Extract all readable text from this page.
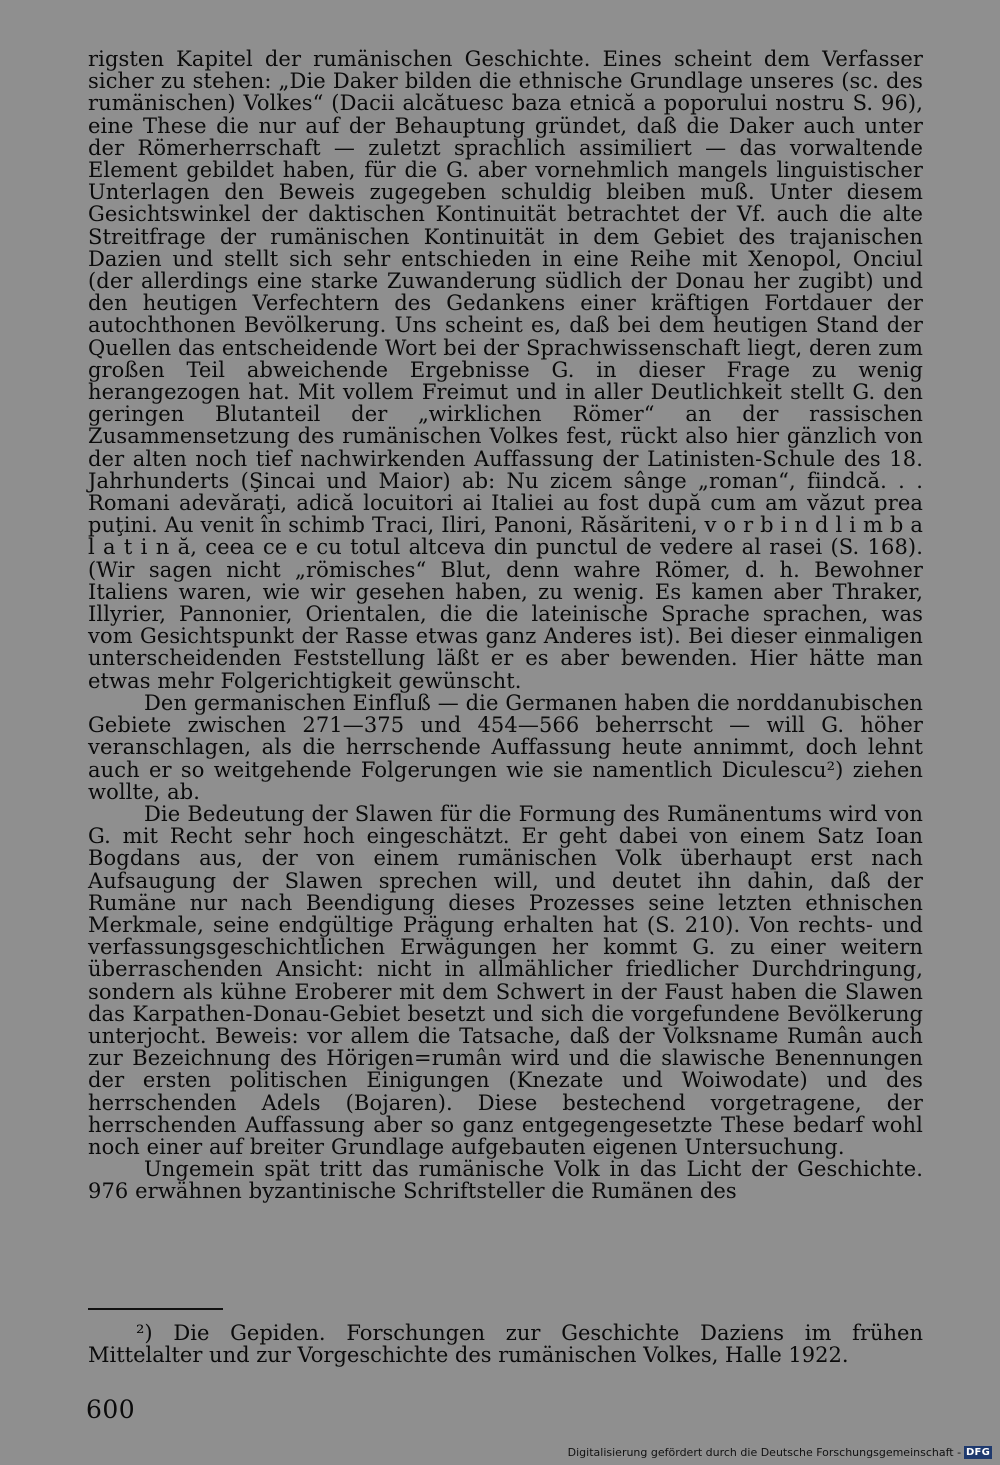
rigsten Kapitel der rumänischen Geschichte. Eines scheint dem Verfasser sicher zu stehen: „Die Daker bilden die ethnische Grundlage unseres (sc. des rumänischen) Volkes“ (Dacii alcătuesc baza etnică a poporului nostru S. 96), eine These die nur auf der Behauptung gründet, daß die Daker auch unter der Römerherrschaft — zuletzt sprachlich assimiliert — das vorwaltende Element gebildet haben, für die G. aber vornehmlich mangels linguistischer Unterlagen den Beweis zugegeben schuldig bleiben muß. Unter diesem Gesichtswinkel der daktischen Kontinuität betrachtet der Vf. auch die alte Streitfrage der rumänischen Kontinuität in dem Gebiet des trajanischen Dazien und stellt sich sehr entschieden in eine Reihe mit Xenopol, Onciul (der allerdings eine starke Zuwanderung südlich der Donau her zugibt) und den heutigen Verfechtern des Gedankens einer kräftigen Fortdauer der autochthonen Bevölkerung. Uns scheint es, daß bei dem heutigen Stand der Quellen das entscheidende Wort bei der Sprachwissenschaft liegt, deren zum großen Teil abweichende Ergebnisse G. in dieser Frage zu wenig herangezogen hat. Mit vollem Freimut und in aller Deutlichkeit stellt G. den geringen Blutanteil der „wirklichen Römer“ an der rassischen Zusammensetzung des rumänischen Volkes fest, rückt also hier gänzlich von der alten noch tief nachwirkenden Auffassung der Latinisten-Schule des 18. Jahrhunderts (Şincai und Maior) ab: Nu zicem sânge „roman“, fiindcă. . . Romani adevăraţi, adică locuitori ai Italiei au fost după cum am văzut prea puţini. Au venit în schimb Traci, Iliri, Panoni, Răsăriteni, v o r b i n d l i m b a l a t i n ă, ceea ce e cu totul altceva din punctul de vedere al rasei (S. 168). (Wir sagen nicht „römisches“ Blut, denn wahre Römer, d. h. Bewohner Italiens waren, wie wir gesehen haben, zu wenig. Es kamen aber Thraker, Illyrier, Pannonier, Orientalen, die die lateinische Sprache sprachen, was vom Gesichtspunkt der Rasse etwas ganz Anderes ist). Bei dieser einmaligen unterscheidenden Feststellung läßt er es aber bewenden. Hier hätte man etwas mehr Folgerichtigkeit gewünscht.

Den germanischen Einfluß — die Germanen haben die norddanubischen Gebiete zwischen 271—375 und 454—566 beherrscht — will G. höher veranschlagen, als die herrschende Auffassung heute annimmt, doch lehnt auch er so weitgehende Folgerungen wie sie namentlich Diculescu²) ziehen wollte, ab.

Die Bedeutung der Slawen für die Formung des Rumänentums wird von G. mit Recht sehr hoch eingeschätzt. Er geht dabei von einem Satz Ioan Bogdans aus, der von einem rumänischen Volk überhaupt erst nach Aufsaugung der Slawen sprechen will, und deutet ihn dahin, daß der Rumäne nur nach Beendigung dieses Prozesses seine letzten ethnischen Merkmale, seine endgültige Prägung erhalten hat (S. 210). Von rechts- und verfassungsgeschichtlichen Erwägungen her kommt G. zu einer weitern überraschenden Ansicht: nicht in allmählicher friedlicher Durchdringung, sondern als kühne Eroberer mit dem Schwert in der Faust haben die Slawen das Karpathen-Donau-Gebiet besetzt und sich die vorgefundene Bevölkerung unterjocht. Beweis: vor allem die Tatsache, daß der Volksname Rumân auch zur Bezeichnung des Hörigen=rumân wird und die slawische Benennungen der ersten politischen Einigungen (Knezate und Woiwodate) und des herrschenden Adels (Bojaren). Diese bestechend vorgetragene, der herrschenden Auffassung aber so ganz entgegengesetzte These bedarf wohl noch einer auf breiter Grundlage aufgebauten eigenen Untersuchung.

Ungemein spät tritt das rumänische Volk in das Licht der Geschichte. 976 erwähnen byzantinische Schriftsteller die Rumänen des

²) Die Gepiden. Forschungen zur Geschichte Daziens im frühen Mittelalter und zur Vorgeschichte des rumänischen Volkes, Halle 1922.
600
Digitalisierung gefördert durch die Deutsche Forschungsgemeinschaft - DFG
